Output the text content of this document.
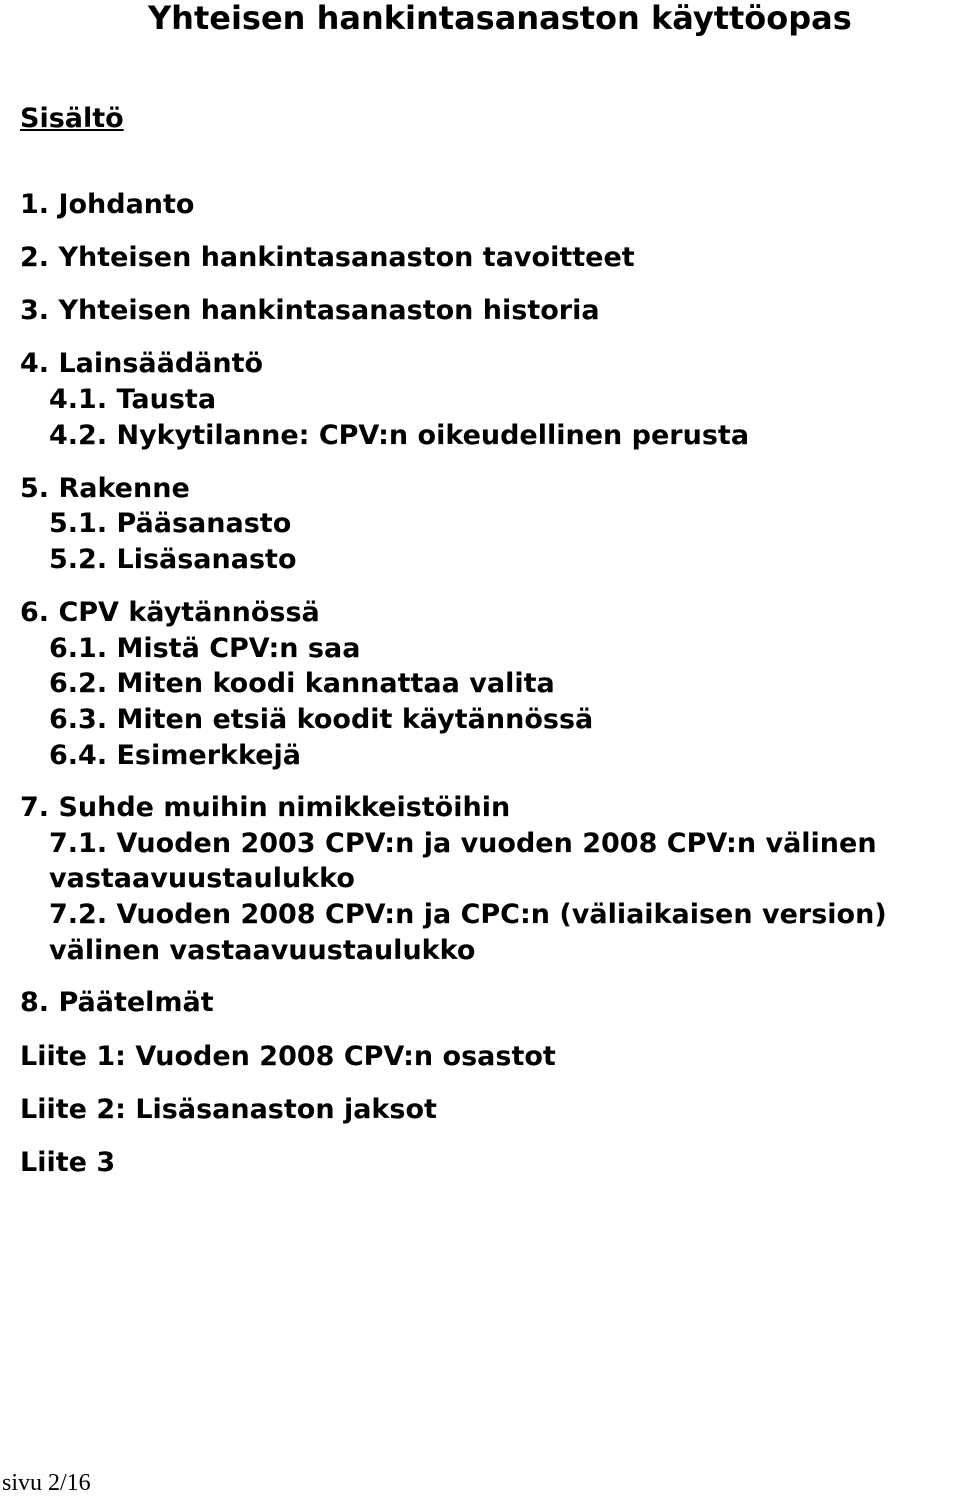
Yhteisen hankintasanaston käyttöopas
Sisältö
1. Johdanto
2. Yhteisen hankintasanaston tavoitteet
3. Yhteisen hankintasanaston historia
4. Lainsäädäntö
4.1. Tausta
4.2. Nykytilanne: CPV:n oikeudellinen perusta
5. Rakenne
5.1. Pääsanasto
5.2. Lisäsanasto
6. CPV käytännössä
6.1. Mistä CPV:n saa
6.2. Miten koodi kannattaa valita
6.3. Miten etsiä koodit käytännössä
6.4. Esimerkkejä
7. Suhde muihin nimikkeistöihin
7.1. Vuoden 2003 CPV:n ja vuoden 2008 CPV:n välinen
vastaavuustaulukko
7.2. Vuoden 2008 CPV:n ja CPC:n (väliaikaisen version)
välinen vastaavuustaulukko
8. Päätelmät
Liite 1: Vuoden 2008 CPV:n osastot
Liite 2: Lisäsanaston jaksot
Liite 3
sivu 2/16
